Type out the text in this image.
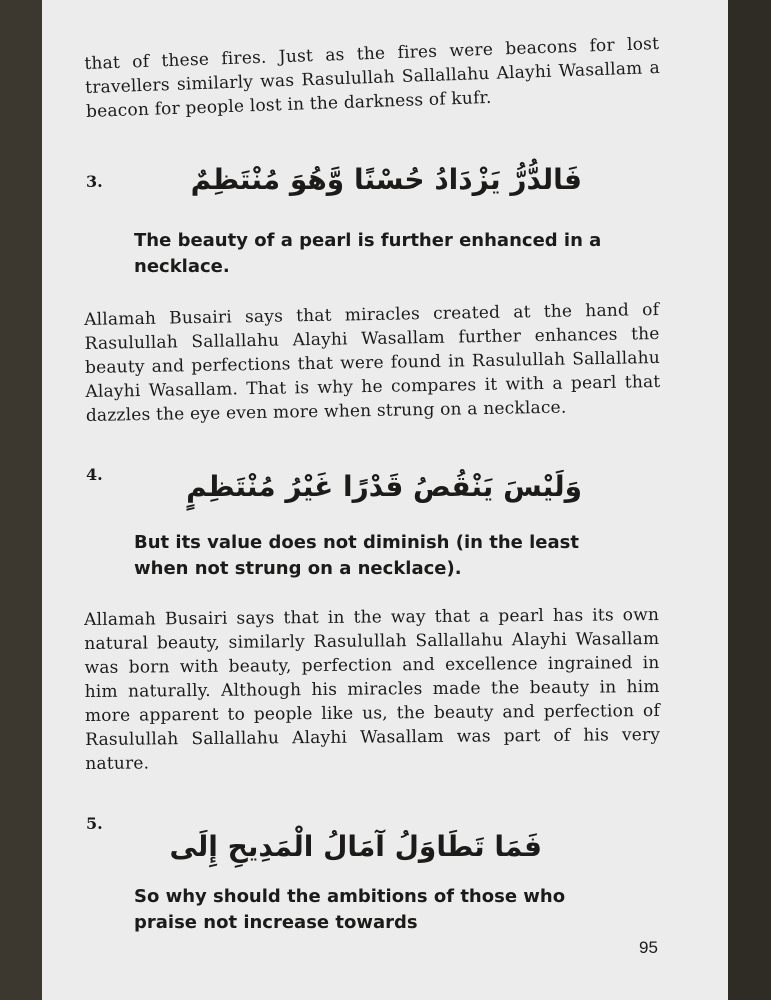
that of these fires. Just as the fires were beacons for lost travellers similarly was Rasulullah Sallallahu Alayhi Wasallam a beacon for people lost in the darkness of kufr.
3.	فَالدُّرُّ يَزْدَادُ حُسْنًا وَّهُوَ مُنْتَظِمٌ
The beauty of a pearl is further enhanced in a necklace.
Allamah Busairi says that miracles created at the hand of Rasulullah Sallallahu Alayhi Wasallam further enhances the beauty and perfections that were found in Rasulullah Sallallahu Alayhi Wasallam. That is why he compares it with a pearl that dazzles the eye even more when strung on a necklace.
4.	وَلَيْسَ يَنْقُصُ قَدْرًا غَيْرُ مُنْتَظِمٍ
But its value does not diminish (in the least when not strung on a necklace).
Allamah Busairi says that in the way that a pearl has its own natural beauty, similarly Rasulullah Sallallahu Alayhi Wasallam was born with beauty, perfection and excellence ingrained in him naturally. Although his miracles made the beauty in him more apparent to people like us, the beauty and perfection of Rasulullah Sallallahu Alayhi Wasallam was part of his very nature.
5.
فَمَا تَطَاوَلُ آمَالُ الْمَدِيحِ إِلَى
So why should the ambitions of those who praise not increase towards
95
